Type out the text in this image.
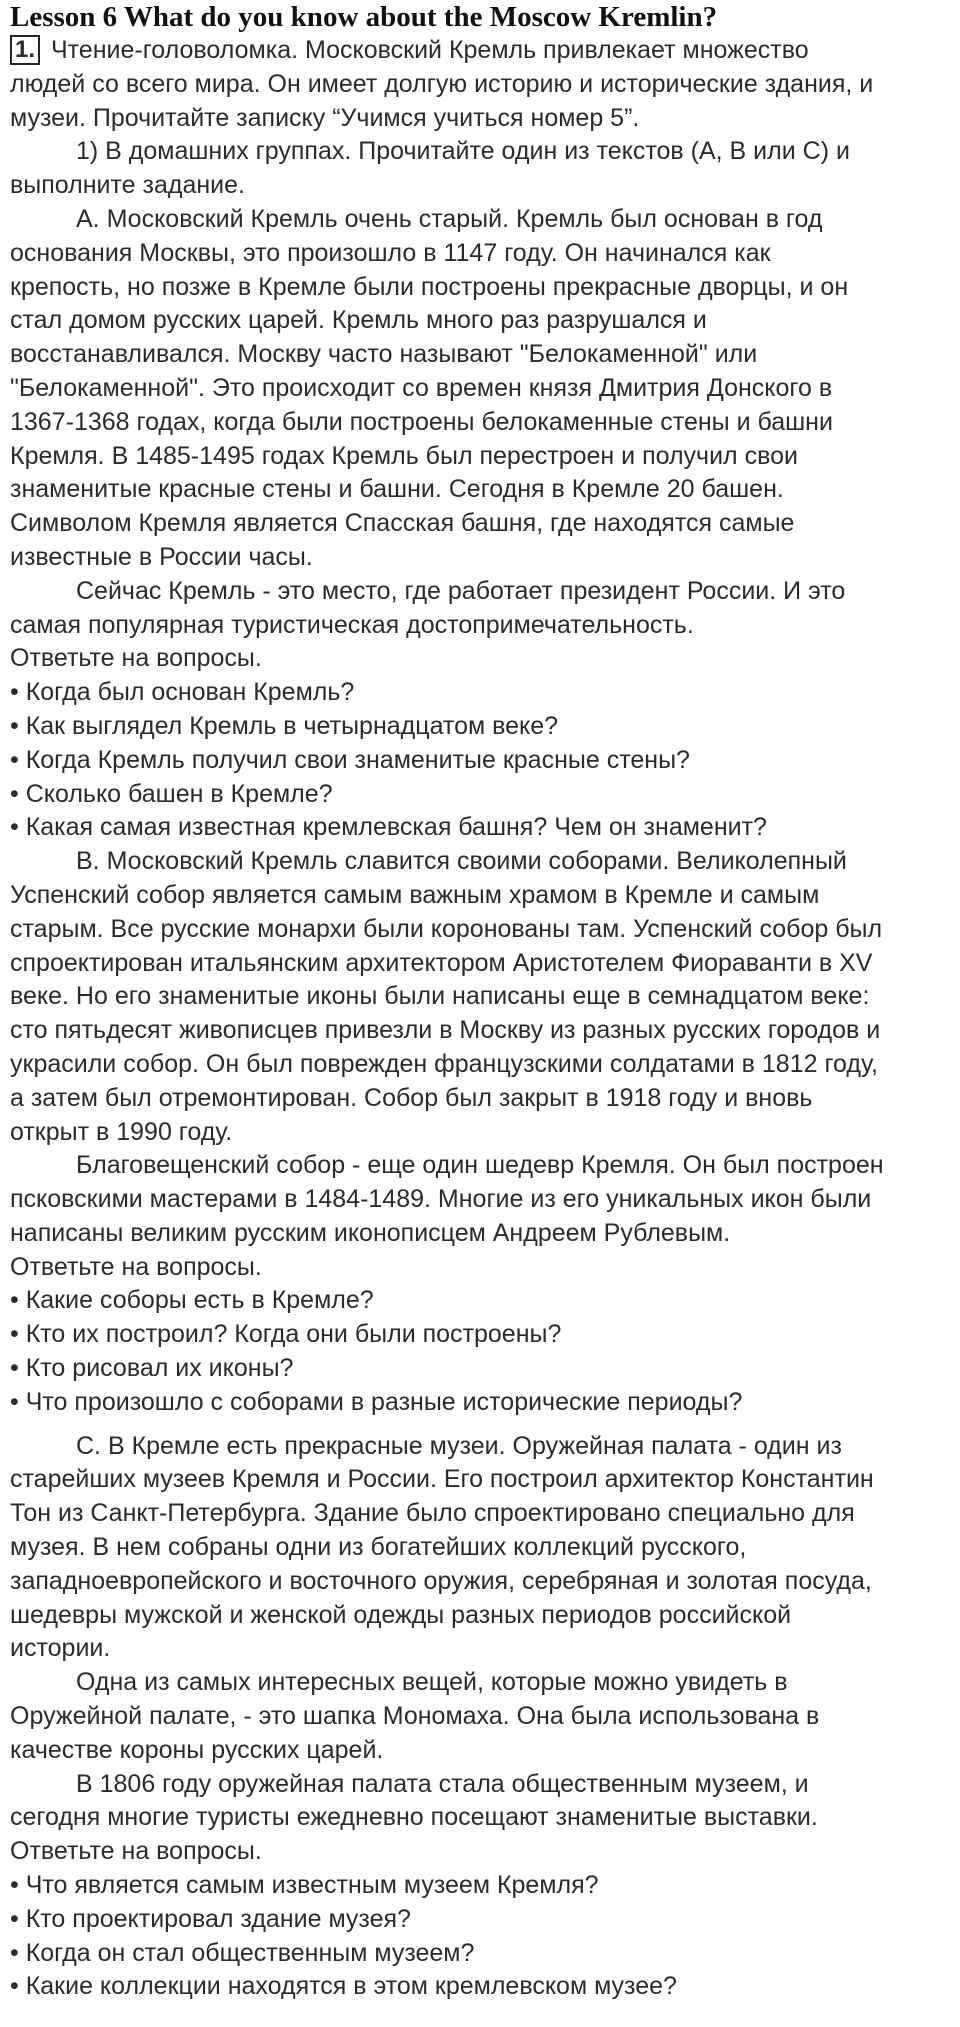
Lesson 6 What do you know about the Moscow Kremlin?

1. Чтение-головоломка. Московский Кремль привлекает множество

людей со всего мира. Он имеет долгую историю и исторические здания, и

музеи. Прочитайте записку “Учимся учиться номер 5”.

1) В домашних группах. Прочитайте один из текстов (A, B или C) и

выполните задание.

A. Московский Кремль очень старый. Кремль был основан в год

основания Москвы, это произошло в 1147 году. Он начинался как

крепость, но позже в Кремле были построены прекрасные дворцы, и он

стал домом русских царей. Кремль много раз разрушался и

восстанавливался. Москву часто называют "Белокаменной" или

"Белокаменной". Это происходит со времен князя Дмитрия Донского в

1367-1368 годах, когда были построены белокаменные стены и башни

Кремля. В 1485-1495 годах Кремль был перестроен и получил свои

знаменитые красные стены и башни. Сегодня в Кремле 20 башен.

Символом Кремля является Спасская башня, где находятся самые

известные в России часы.

Сейчас Кремль - это место, где работает президент России. И это

самая популярная туристическая достопримечательность.

Ответьте на вопросы.

• Когда был основан Кремль?

• Как выглядел Кремль в четырнадцатом веке?

• Когда Кремль получил свои знаменитые красные стены?

• Сколько башен в Кремле?

• Какая самая известная кремлевская башня? Чем он знаменит?

B. Московский Кремль славится своими соборами. Великолепный

Успенский собор является самым важным храмом в Кремле и самым

старым. Все русские монархи были коронованы там. Успенский собор был

спроектирован итальянским архитектором Аристотелем Фиораванти в XV

веке. Но его знаменитые иконы были написаны еще в семнадцатом веке:

сто пятьдесят живописцев привезли в Москву из разных русских городов и

украсили собор. Он был поврежден французскими солдатами в 1812 году,

а затем был отремонтирован. Собор был закрыт в 1918 году и вновь

открыт в 1990 году.

Благовещенский собор - еще один шедевр Кремля. Он был построен

псковскими мастерами в 1484-1489. Многие из его уникальных икон были

написаны великим русским иконописцем Андреем Рублевым.

Ответьте на вопросы.

• Какие соборы есть в Кремле?

• Кто их построил? Когда они были построены?

• Кто рисовал их иконы?

• Что произошло с соборами в разные исторические периоды?

C. В Кремле есть прекрасные музеи. Оружейная палата - один из

старейших музеев Кремля и России. Его построил архитектор Константин

Тон из Санкт-Петербурга. Здание было спроектировано специально для

музея. В нем собраны одни из богатейших коллекций русского,

западноевропейского и восточного оружия, серебряная и золотая посуда,

шедевры мужской и женской одежды разных периодов российской

истории.

Одна из самых интересных вещей, которые можно увидеть в

Оружейной палате, - это шапка Мономаха. Она была использована в

качестве короны русских царей.

В 1806 году оружейная палата стала общественным музеем, и

сегодня многие туристы ежедневно посещают знаменитые выставки.

Ответьте на вопросы.

• Что является самым известным музеем Кремля?

• Кто проектировал здание музея?

• Когда он стал общественным музеем?

• Какие коллекции находятся в этом кремлевском музее?
